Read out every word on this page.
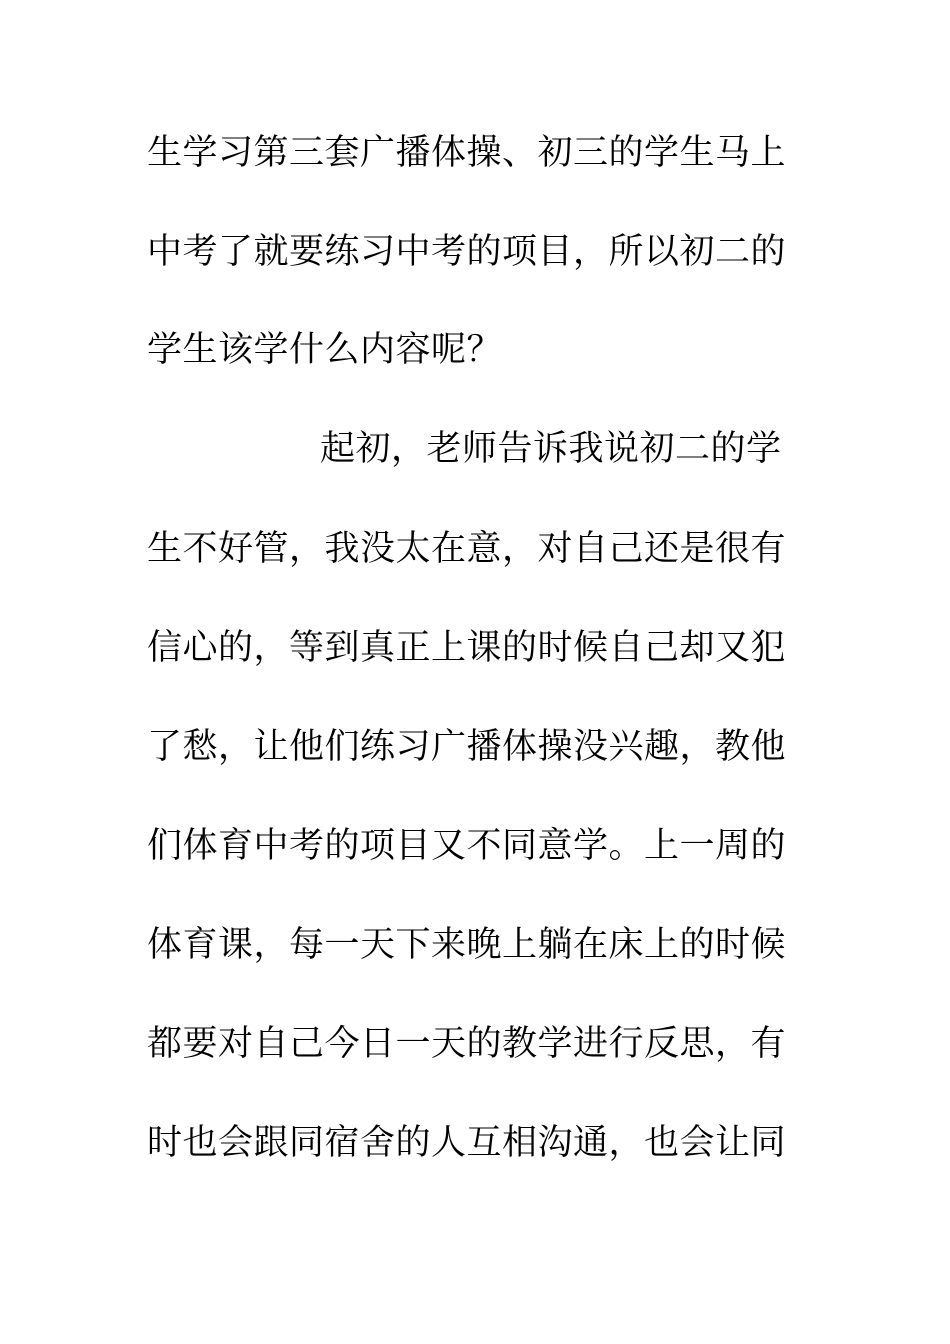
生学习第三套广播体操、初三的学生马上
中考了就要练习中考的项目，所以初二的
学生该学什么内容呢？
起初，老师告诉我说初二的学
生不好管，我没太在意，对自己还是很有
信心的，等到真正上课的时候自己却又犯
了愁，让他们练习广播体操没兴趣，教他
们体育中考的项目又不同意学。上一周的
体育课，每一天下来晚上躺在床上的时候
都要对自己今日一天的教学进行反思，有
时也会跟同宿舍的人互相沟通，也会让同
